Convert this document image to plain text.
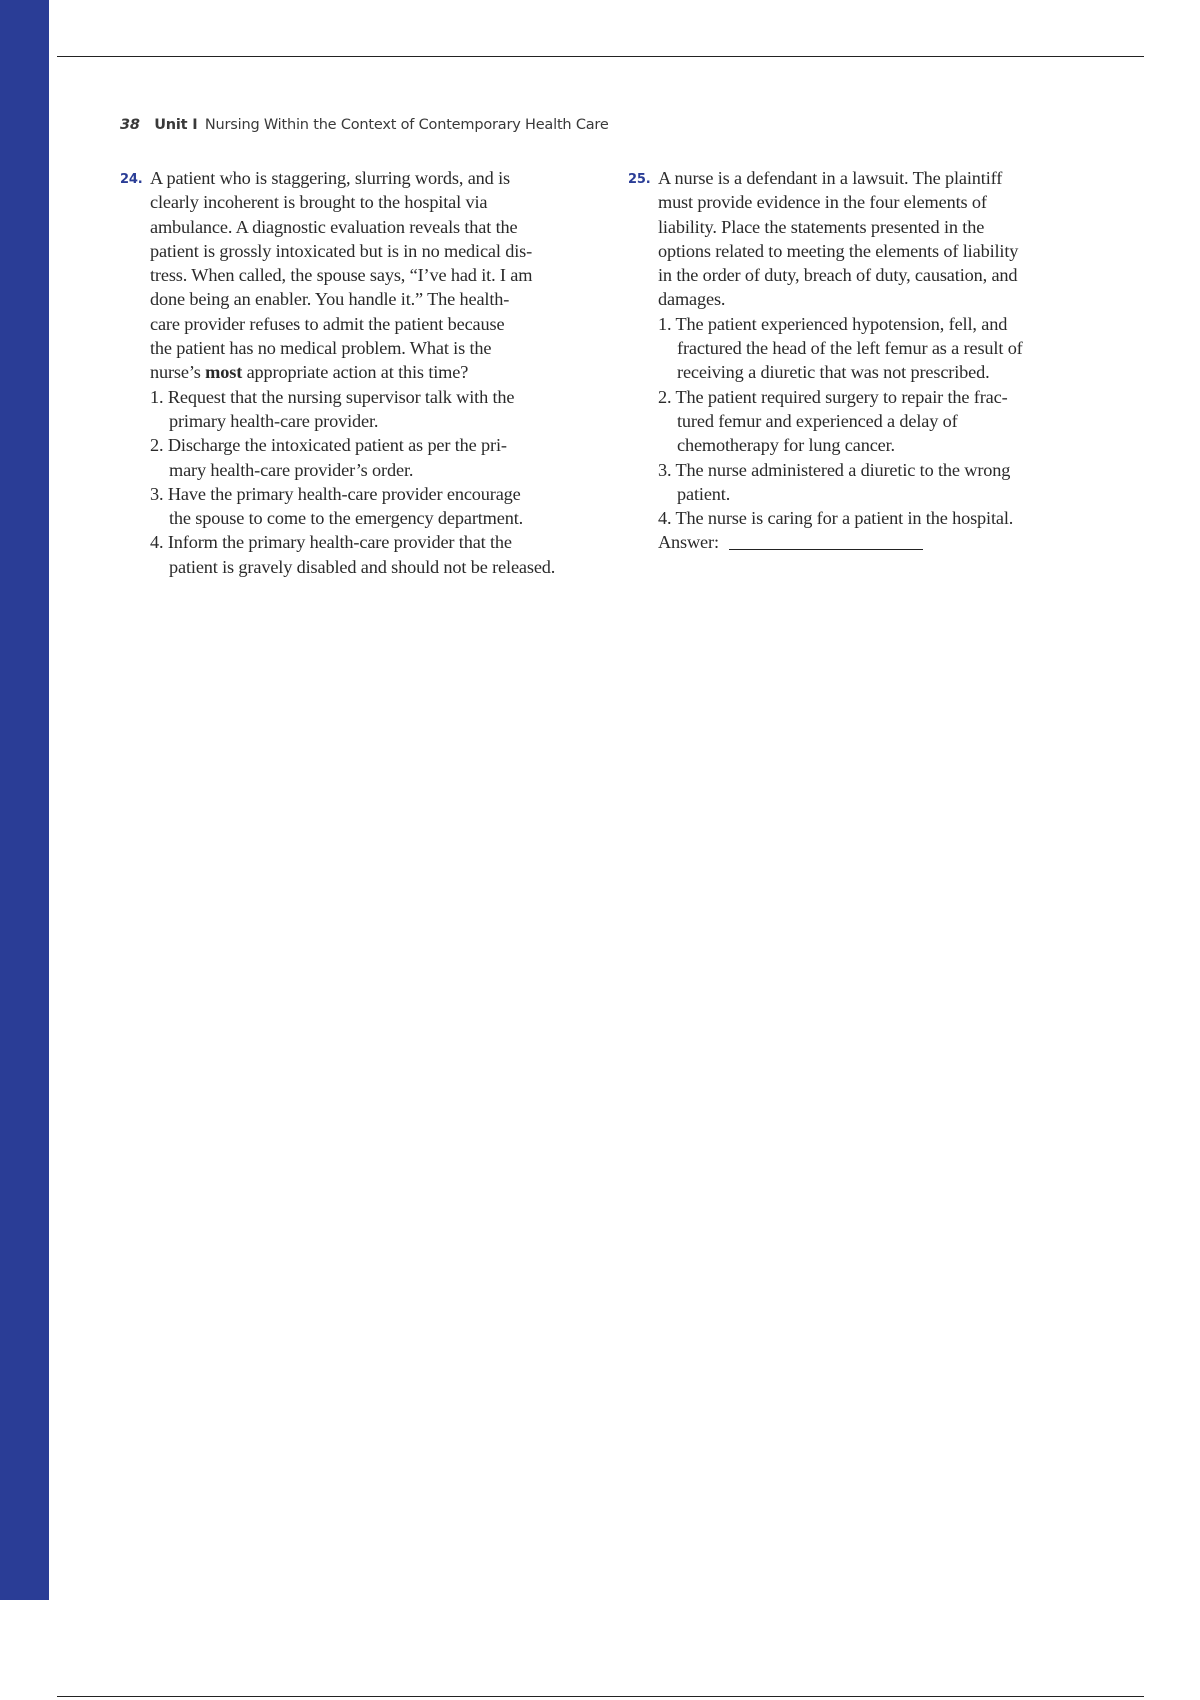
38 Unit I Nursing Within the Context of Contemporary Health Care
24. A patient who is staggering, slurring words, and is
clearly incoherent is brought to the hospital via
ambulance. A diagnostic evaluation reveals that the
patient is grossly intoxicated but is in no medical dis-
tress. When called, the spouse says, “I’ve had it. I am
done being an enabler. You handle it.” The health-
care provider refuses to admit the patient because
the patient has no medical problem. What is the
nurse’s most appropriate action at this time?
1. Request that the nursing supervisor talk with the
primary health-care provider.
2. Discharge the intoxicated patient as per the pri-
mary health-care provider’s order.
3. Have the primary health-care provider encourage
the spouse to come to the emergency department.
4. Inform the primary health-care provider that the
patient is gravely disabled and should not be released.
25. A nurse is a defendant in a lawsuit. The plaintiff
must provide evidence in the four elements of
liability. Place the statements presented in the
options related to meeting the elements of liability
in the order of duty, breach of duty, causation, and
damages.
1. The patient experienced hypotension, fell, and
fractured the head of the left femur as a result of
receiving a diuretic that was not prescribed.
2. The patient required surgery to repair the frac-
tured femur and experienced a delay of
chemotherapy for lung cancer.
3. The nurse administered a diuretic to the wrong
patient.
4. The nurse is caring for a patient in the hospital.
Answer:
